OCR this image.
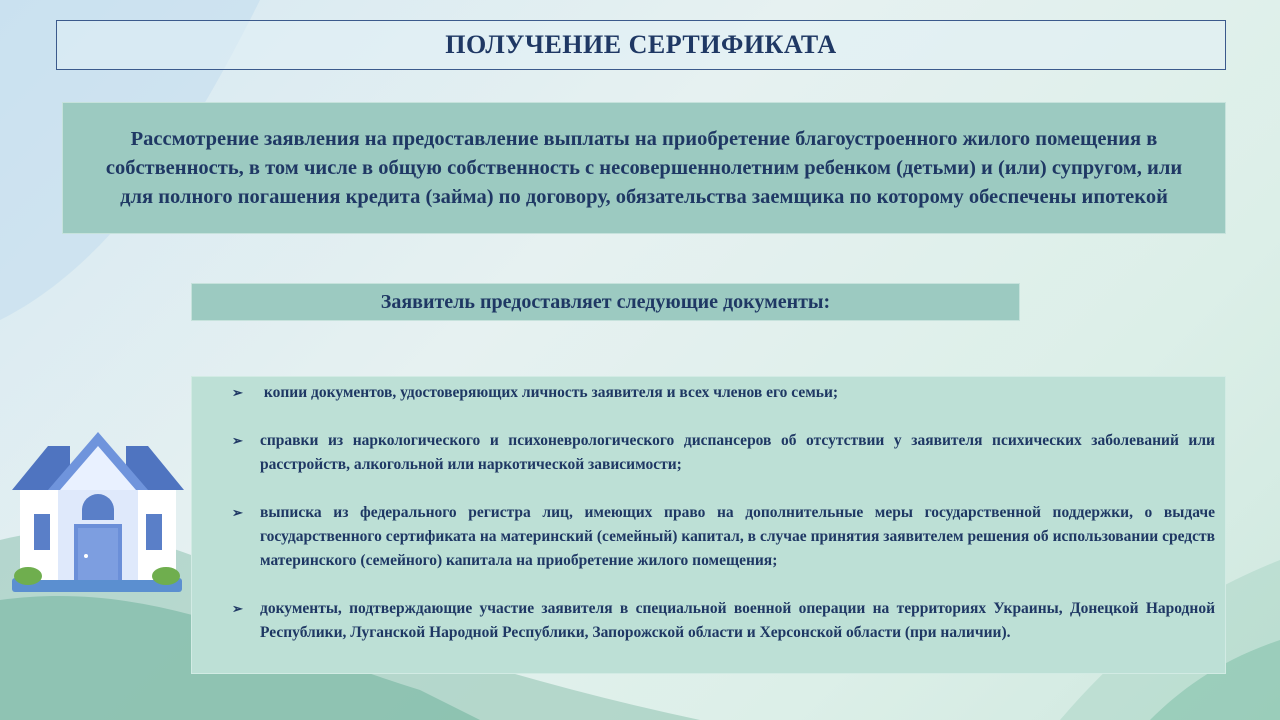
ПОЛУЧЕНИЕ СЕРТИФИКАТА
Рассмотрение заявления на предоставление выплаты на приобретение благоустроенного жилого помещения в собственность, в том числе в общую собственность с несовершеннолетним ребенком (детьми) и (или) супругом, или для полного погашения кредита (займа) по договору, обязательства заемщика по которому обеспечены ипотекой
Заявитель предоставляет следующие документы:
➢ копии документов, удостоверяющих личность заявителя и всех членов его семьи;
➢ справки из наркологического и психоневрологического диспансеров об отсутствии у заявителя психических заболеваний или расстройств, алкогольной или наркотической зависимости;
➢ выписка из федерального регистра лиц, имеющих право на дополнительные меры государственной поддержки, о выдаче государственного сертификата на материнский (семейный) капитал, в случае принятия заявителем решения об использовании средств материнского (семейного) капитала на приобретение жилого помещения;
➢ документы, подтверждающие участие заявителя в специальной военной операции на территориях Украины, Донецкой Народной Республики, Луганской Народной Республики, Запорожской области и Херсонской области (при наличии).
